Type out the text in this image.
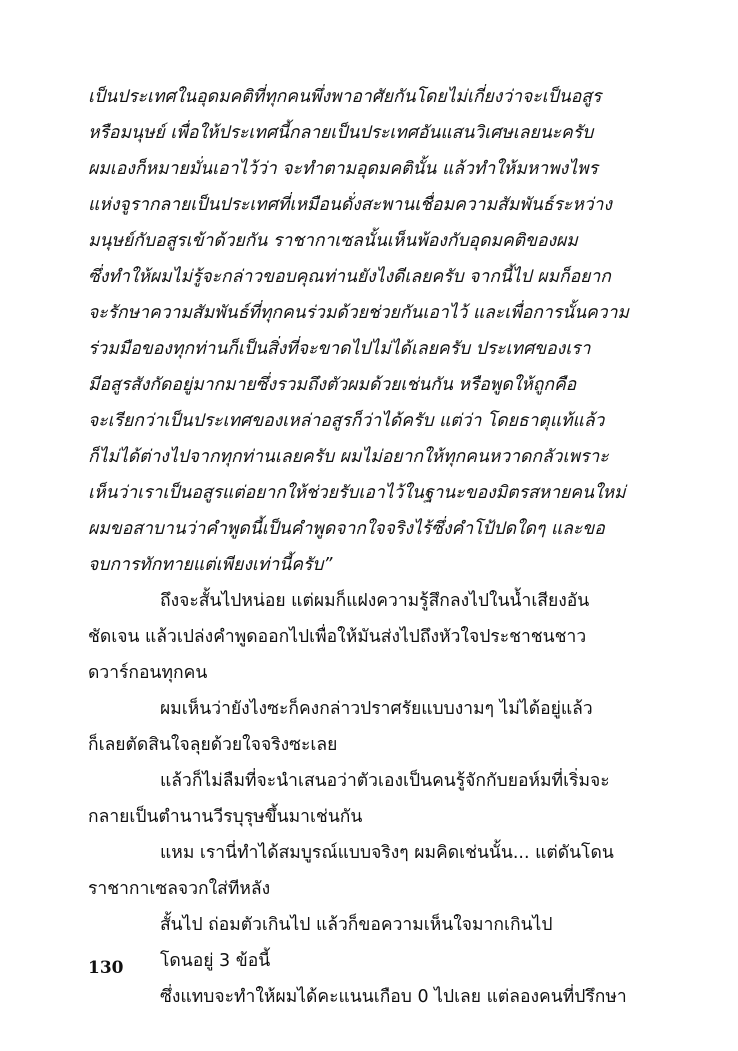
เป็นประเทศในอุดมคติที่ทุกคนพึ่งพาอาศัยกันโดยไม่เกี่ยงว่าจะเป็นอสูร
หรือมนุษย์ เพื่อให้ประเทศนี้กลายเป็นประเทศอันแสนวิเศษเลยนะครับ
ผมเองก็หมายมั่นเอาไว้ว่า จะทำตามอุดมคตินั้น แล้วทำให้มหาพงไพร
แห่งจูรากลายเป็นประเทศที่เหมือนดั่งสะพานเชื่อมความสัมพันธ์ระหว่าง
มนุษย์กับอสูรเข้าด้วยกัน ราชากาเซลนั้นเห็นพ้องกับอุดมคติของผม
ซึ่งทำให้ผมไม่รู้จะกล่าวขอบคุณท่านยังไงดีเลยครับ จากนี้ไป ผมก็อยาก
จะรักษาความสัมพันธ์ที่ทุกคนร่วมด้วยช่วยกันเอาไว้ และเพื่อการนั้นความ
ร่วมมือของทุกท่านก็เป็นสิ่งที่จะขาดไปไม่ได้เลยครับ ประเทศของเรา
มีอสูรสังกัดอยู่มากมายซึ่งรวมถึงตัวผมด้วยเช่นกัน หรือพูดให้ถูกคือ
จะเรียกว่าเป็นประเทศของเหล่าอสูรก็ว่าได้ครับ แต่ว่า โดยธาตุแท้แล้ว
ก็ไม่ได้ต่างไปจากทุกท่านเลยครับ ผมไม่อยากให้ทุกคนหวาดกลัวเพราะ
เห็นว่าเราเป็นอสูรแต่อยากให้ช่วยรับเอาไว้ในฐานะของมิตรสหายคนใหม่
ผมขอสาบานว่าคำพูดนี้เป็นคำพูดจากใจจริงไร้ซึ่งคำโป้ปดใดๆ และขอ
จบการทักทายแต่เพียงเท่านี้ครับ”
ถึงจะสั้นไปหน่อย แต่ผมก็แฝงความรู้สึกลงไปในน้ำเสียงอัน
ชัดเจน แล้วเปล่งคำพูดออกไปเพื่อให้มันส่งไปถึงหัวใจประชาชนชาว
ดวาร์กอนทุกคน
ผมเห็นว่ายังไงซะก็คงกล่าวปราศรัยแบบงามๆ ไม่ได้อยู่แล้ว
ก็เลยตัดสินใจลุยด้วยใจจริงซะเลย
แล้วก็ไม่ลืมที่จะนำเสนอว่าตัวเองเป็นคนรู้จักกับยอห์มที่เริ่มจะ
กลายเป็นตำนานวีรบุรุษขึ้นมาเช่นกัน
แหม เรานี่ทำได้สมบูรณ์แบบจริงๆ ผมคิดเช่นนั้น... แต่ดันโดน
ราชากาเซลจวกใส่ทีหลัง
สั้นไป ถ่อมตัวเกินไป แล้วก็ขอความเห็นใจมากเกินไป
โดนอยู่ 3 ข้อนี้
ซึ่งแทบจะทำให้ผมได้คะแนนเกือบ 0 ไปเลย แต่ลองคนที่ปรึกษา
130
